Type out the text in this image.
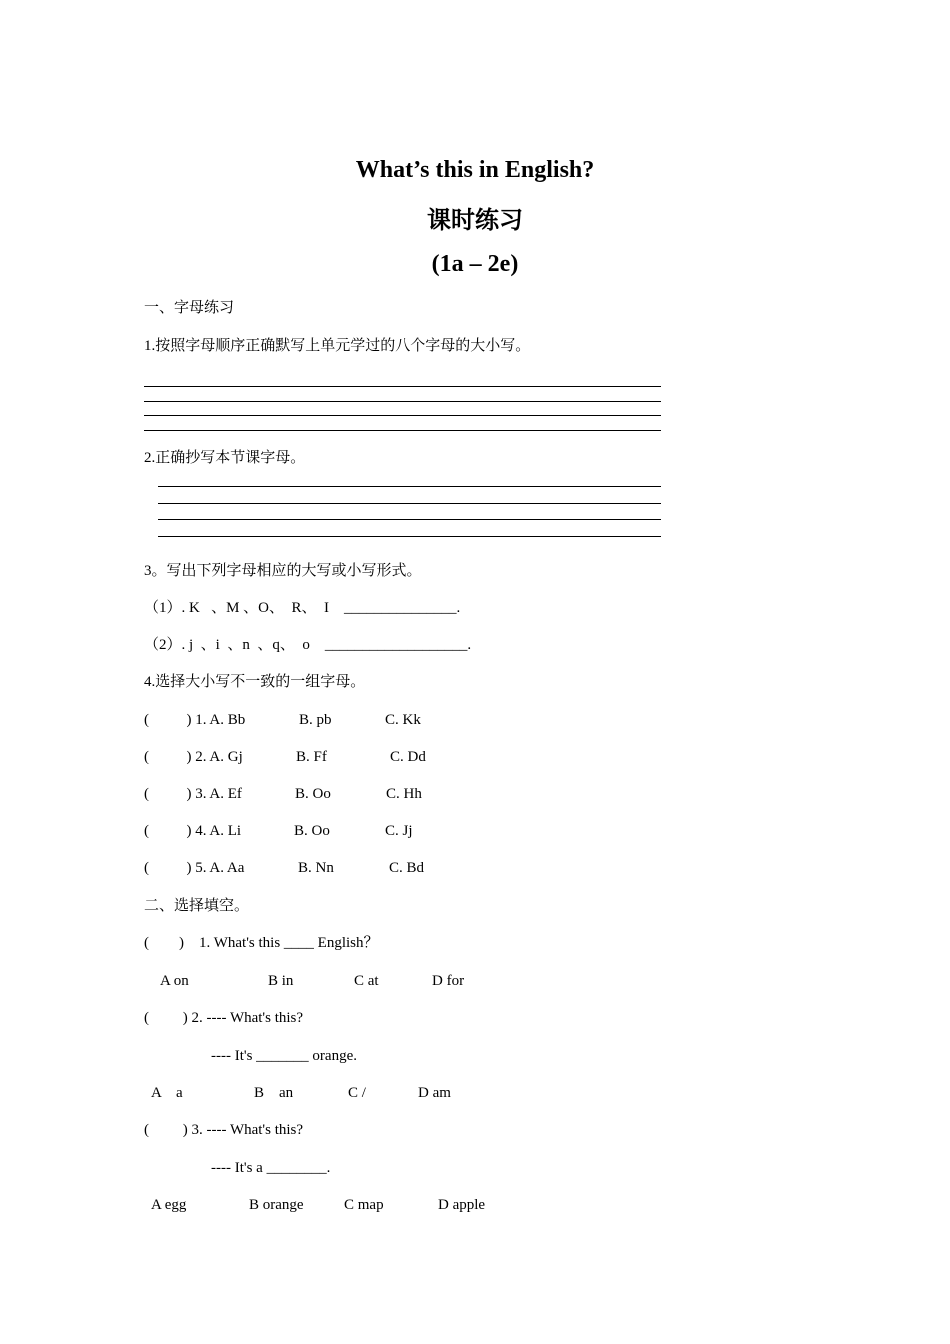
What’s this in English?
课时练习
(1a – 2e)
一、字母练习
1.按照字母顺序正确默写上单元学过的八个字母的大小写。
2.正确抄写本节课字母。
3。写出下列字母相应的大写或小写形式。
（1）. K   、M 、O、  R、  I    _______________.
（2）. j  、i  、n  、q、  o    ___________________.
4.选择大小写不一致的一组字母。
(          ) 1. A. Bb	B. pb	C. Kk
(          ) 2. A. Gj	B. Ff	C. Dd
(          ) 3. A. Ef	B. Oo	C. Hh
(          ) 4. A. Li	B. Oo	C. Jj
(          ) 5. A. Aa	B. Nn	C. Bd
二、选择填空。
(        )    1. What's this ____ English？
A on	B in	C at	D for
(         ) 2. ---- What's this?
---- It's _______ orange.
A    a	B    an	C /	D am
(         ) 3. ---- What's this?
---- It's a ________.
A egg	B orange	C map	D apple
